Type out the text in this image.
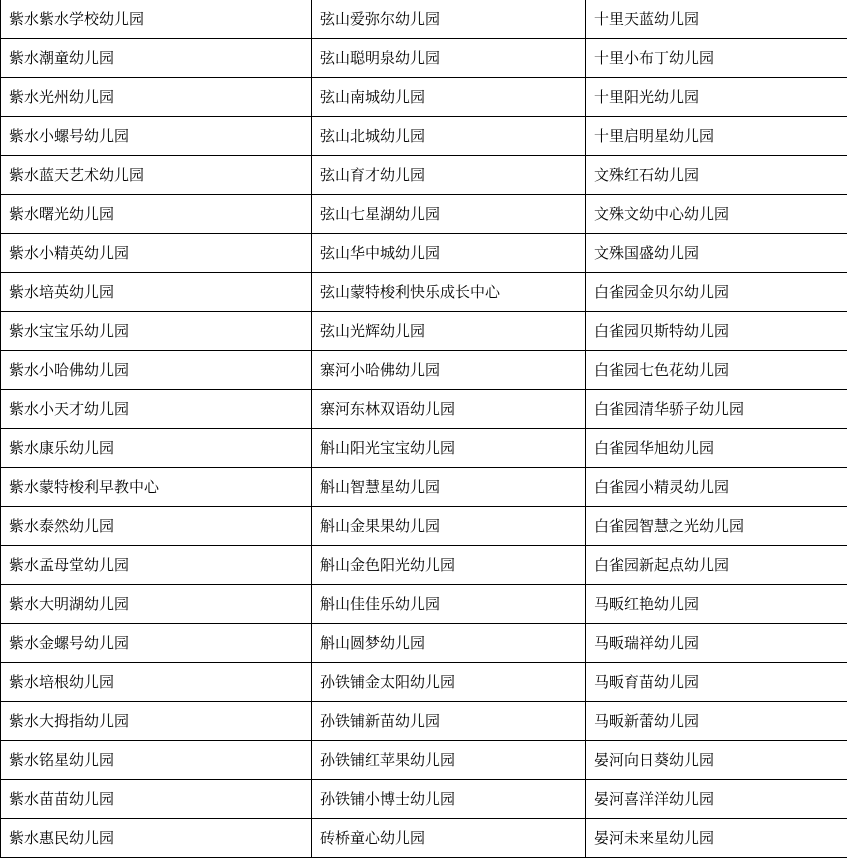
紫水紫水学校幼儿园	弦山爱弥尔幼儿园	十里天蓝幼儿园
紫水潮童幼儿园	弦山聪明泉幼儿园	十里小布丁幼儿园
紫水光州幼儿园	弦山南城幼儿园	十里阳光幼儿园
紫水小螺号幼儿园	弦山北城幼儿园	十里启明星幼儿园
紫水蓝天艺术幼儿园	弦山育才幼儿园	文殊红石幼儿园
紫水曙光幼儿园	弦山七星湖幼儿园	文殊文幼中心幼儿园
紫水小精英幼儿园	弦山华中城幼儿园	文殊国盛幼儿园
紫水培英幼儿园	弦山蒙特梭利快乐成长中心	白雀园金贝尔幼儿园
紫水宝宝乐幼儿园	弦山光辉幼儿园	白雀园贝斯特幼儿园
紫水小哈佛幼儿园	寨河小哈佛幼儿园	白雀园七色花幼儿园
紫水小天才幼儿园	寨河东林双语幼儿园	白雀园清华骄子幼儿园
紫水康乐幼儿园	斛山阳光宝宝幼儿园	白雀园华旭幼儿园
紫水蒙特梭利早教中心	斛山智慧星幼儿园	白雀园小精灵幼儿园
紫水泰然幼儿园	斛山金果果幼儿园	白雀园智慧之光幼儿园
紫水孟母堂幼儿园	斛山金色阳光幼儿园	白雀园新起点幼儿园
紫水大明湖幼儿园	斛山佳佳乐幼儿园	马畈红艳幼儿园
紫水金螺号幼儿园	斛山圆梦幼儿园	马畈瑞祥幼儿园
紫水培根幼儿园	孙铁铺金太阳幼儿园	马畈育苗幼儿园
紫水大拇指幼儿园	孙铁铺新苗幼儿园	马畈新蕾幼儿园
紫水铭星幼儿园	孙铁铺红苹果幼儿园	晏河向日葵幼儿园
紫水苗苗幼儿园	孙铁铺小博士幼儿园	晏河喜洋洋幼儿园
紫水惠民幼儿园	砖桥童心幼儿园	晏河未来星幼儿园
